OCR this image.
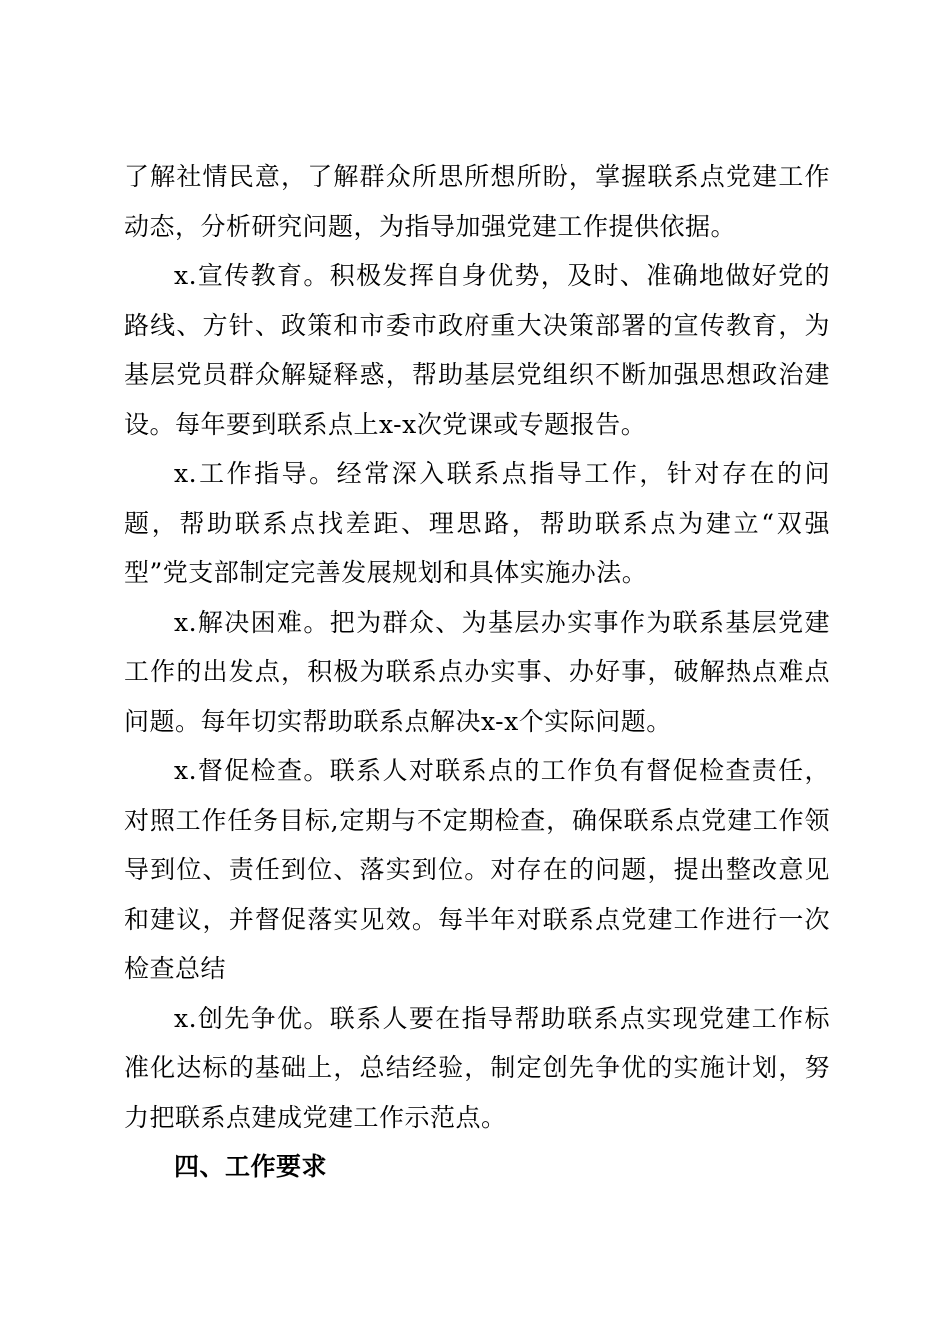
了解社情民意，了解群众所思所想所盼，掌握联系点党建工作动态，分析研究问题，为指导加强党建工作提供依据。

x.宣传教育。积极发挥自身优势，及时、准确地做好党的路线、方针、政策和市委市政府重大决策部署的宣传教育，为基层党员群众解疑释惑，帮助基层党组织不断加强思想政治建设。每年要到联系点上x-x次党课或专题报告。

x.工作指导。经常深入联系点指导工作，针对存在的问题，帮助联系点找差距、理思路，帮助联系点为建立“双强型”党支部制定完善发展规划和具体实施办法。

x.解决困难。把为群众、为基层办实事作为联系基层党建工作的出发点，积极为联系点办实事、办好事，破解热点难点问题。每年切实帮助联系点解决x-x个实际问题。

x.督促检查。联系人对联系点的工作负有督促检查责任，对照工作任务目标,定期与不定期检查，确保联系点党建工作领导到位、责任到位、落实到位。对存在的问题，提出整改意见和建议，并督促落实见效。每半年对联系点党建工作进行一次检查总结

x.创先争优。联系人要在指导帮助联系点实现党建工作标准化达标的基础上，总结经验，制定创先争优的实施计划，努力把联系点建成党建工作示范点。

四、工作要求
